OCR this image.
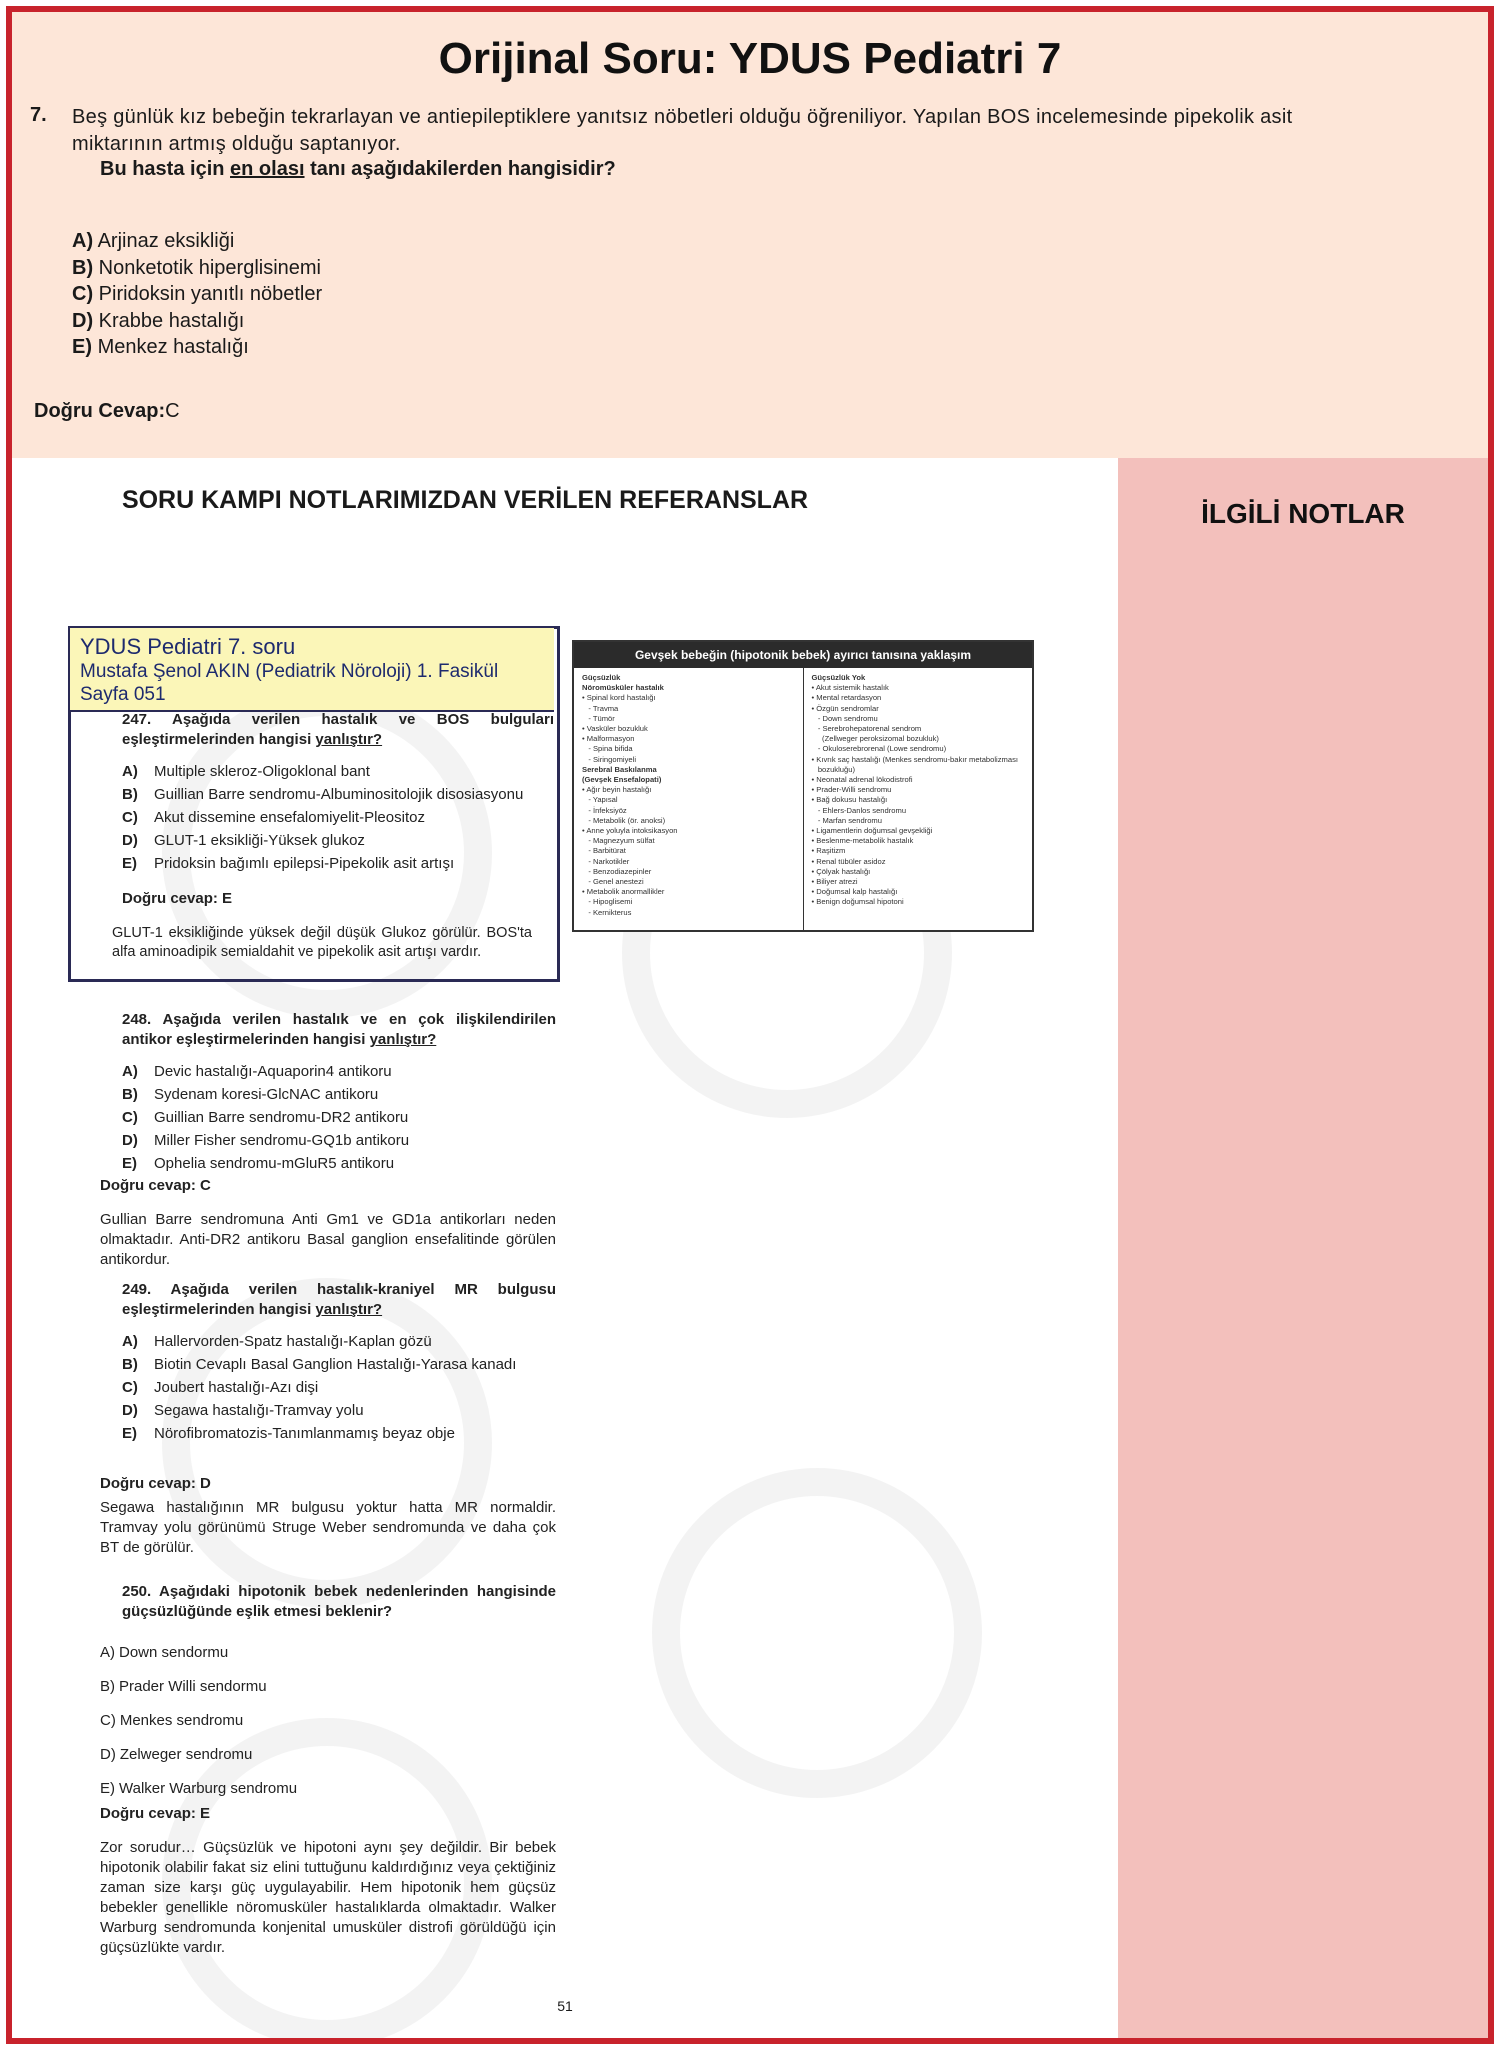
Orijinal Soru: YDUS Pediatri 7
7. Beş günlük kız bebeğin tekrarlayan ve antiepileptiklere yanıtsız nöbetleri olduğu öğreniliyor. Yapılan BOS incelemesinde pipekolik asit miktarının artmış olduğu saptanıyor.
Bu hasta için en olası tanı aşağıdakilerden hangisidir?
A) Arjinaz eksikliği
B) Nonketotik hiperglisinemi
C) Piridoksin yanıtlı nöbetler
D) Krabbe hastalığı
E) Menkez hastalığı
Doğru Cevap:C
SORU KAMPI NOTLARIMIZDAN VERİLEN REFERANSLAR	İLGİLİ NOTLAR
YDUS Pediatri 7. soru
Mustafa Şenol AKIN (Pediatrik Nöroloji) 1. Fasikül Sayfa 051
247. Aşağıda verilen hastalık ve BOS bulguları eşleştirmelerinden hangisi yanlıştır?
A) Multiple skleroz-Oligoklonal bant
B) Guillian Barre sendromu-Albuminositolojik disosiasyonu
C) Akut dissemine ensefalomiyelit-Pleositoz
D) GLUT-1 eksikliği-Yüksek glukoz
E) Pridoksin bağımlı epilepsi-Pipekolik asit artışı
Doğru cevap: E
GLUT-1 eksikliğinde yüksek değil düşük Glukoz görülür. BOS'ta alfa aminoadipik semialdahit ve pipekolik asit artışı vardır.
248. Aşağıda verilen hastalık ve en çok ilişkilendirilen antikor eşleştirmelerinden hangisi yanlıştır?
A) Devic hastalığı-Aquaporin4 antikoru
B) Sydenam koresi-GlcNAC antikoru
C) Guillian Barre sendromu-DR2 antikoru
D) Miller Fisher sendromu-GQ1b antikoru
E) Ophelia sendromu-mGluR5 antikoru
Doğru cevap: C
Gullian Barre sendromuna Anti Gm1 ve GD1a antikorları neden olmaktadır. Anti-DR2 antikoru Basal ganglion ensefalitinde görülen antikordur.
249. Aşağıda verilen hastalık-kraniyel MR bulgusu eşleştirmelerinden hangisi yanlıştır?
A) Hallervorden-Spatz hastalığı-Kaplan gözü
B) Biotin Cevaplı Basal Ganglion Hastalığı-Yarasa kanadı
C) Joubert hastalığı-Azı dişi
D) Segawa hastalığı-Tramvay yolu
E) Nörofibromatozis-Tanımlanmamış beyaz obje
Doğru cevap: D
Segawa hastalığının MR bulgusu yoktur hatta MR normaldir. Tramvay yolu görünümü Struge Weber sendromunda ve daha çok BT de görülür.
250. Aşağıdaki hipotonik bebek nedenlerinden hangisinde güçsüzlüğünde eşlik etmesi beklenir?
A) Down sendormu
B) Prader Willi sendormu
C) Menkes sendromu
D) Zelweger sendromu
E) Walker Warburg sendromu
Doğru cevap: E
Zor sorudur… Güçsüzlük ve hipotoni aynı şey değildir. Bir bebek hipotonik olabilir fakat siz elini tuttuğunu kaldırdığınız veya çektiğiniz zaman size karşı güç uygulayabilir. Hem hipotonik hem güçsüz bebekler genellikle nöromusküler hastalıklarda olmaktadır. Walker Warburg sendromunda konjenital umusküler distrofi görüldüğü için güçsüzlükte vardır.
Gevşek bebeğin (hipotonik bebek) ayırıcı tanısına yaklaşım
Güçsüzlük
Nöromüsküler hastalık
• Spinal kord hastalığı
- Travma
- Tümör
• Vasküler bozukluk
• Malformasyon
- Spina bifida
- Siringomiyeli
Serebral Baskılanma
(Gevşek Ensefalopati)
• Ağır beyin hastalığı
- Yapısal
- İnfeksiyöz
- Metabolik (ör. anoksi)
• Anne yoluyla intoksikasyon
- Magnezyum sülfat
- Barbitürat
- Narkotikler
- Benzodiazepinler
- Genel anestezi
• Metabolik anormallikler
- Hipoglisemi
- Kernikterus
Güçsüzlük Yok
• Akut sistemik hastalık
• Mental retardasyon
• Özgün sendromlar
- Down sendromu
- Serebrohepatorenal sendrom
(Zellweger peroksizomal bozukluk)
- Okuloserebrorenal (Lowe sendromu)
• Kıvrık saç hastalığı (Menkes sendromu-bakır metabolizması
bozukluğu)
• Neonatal adrenal lökodistrofi
• Prader-Willi sendromu
• Bağ dokusu hastalığı
- Ehlers-Danlos sendromu
- Marfan sendromu
• Ligamentlerin doğumsal gevşekliği
• Beslenme-metabolik hastalık
• Raşitizm
• Renal tübüler asidoz
• Çölyak hastalığı
• Biliyer atrezi
• Doğumsal kalp hastalığı
• Benign doğumsal hipotoni
51
